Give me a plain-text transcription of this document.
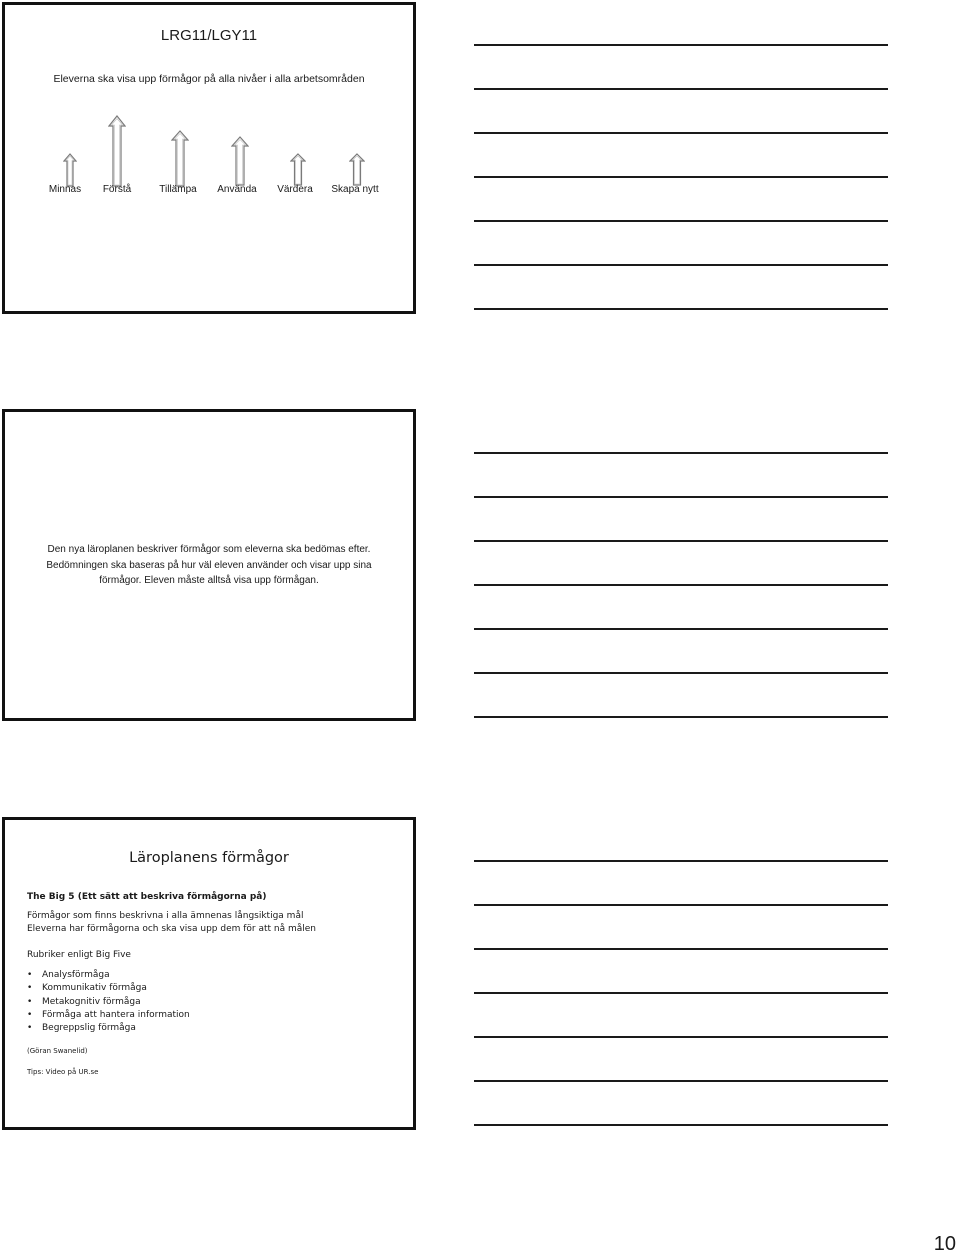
LRG11/LGY11
Eleverna ska visa upp förmågor på alla nivåer i alla arbetsområden
Minnas	Förstå	Tillämpa	Använda	Värdera	Skapa nytt
Den nya läroplanen beskriver förmågor som eleverna ska bedömas efter.
Bedömningen ska baseras på hur väl eleven använder och visar upp sina
förmågor. Eleven måste alltså visa upp förmågan.
Läroplanens förmågor
The Big 5 (Ett sätt att beskriva förmågorna på)
Förmågor som finns beskrivna i alla ämnenas långsiktiga mål
Eleverna har förmågorna och ska visa upp dem för att nå målen
Rubriker enligt Big Five
• Analysförmåga
• Kommunikativ förmåga
• Metakognitiv förmåga
• Förmåga att hantera information
• Begreppslig förmåga
(Göran Swanelid)
Tips: Video på UR.se
10
